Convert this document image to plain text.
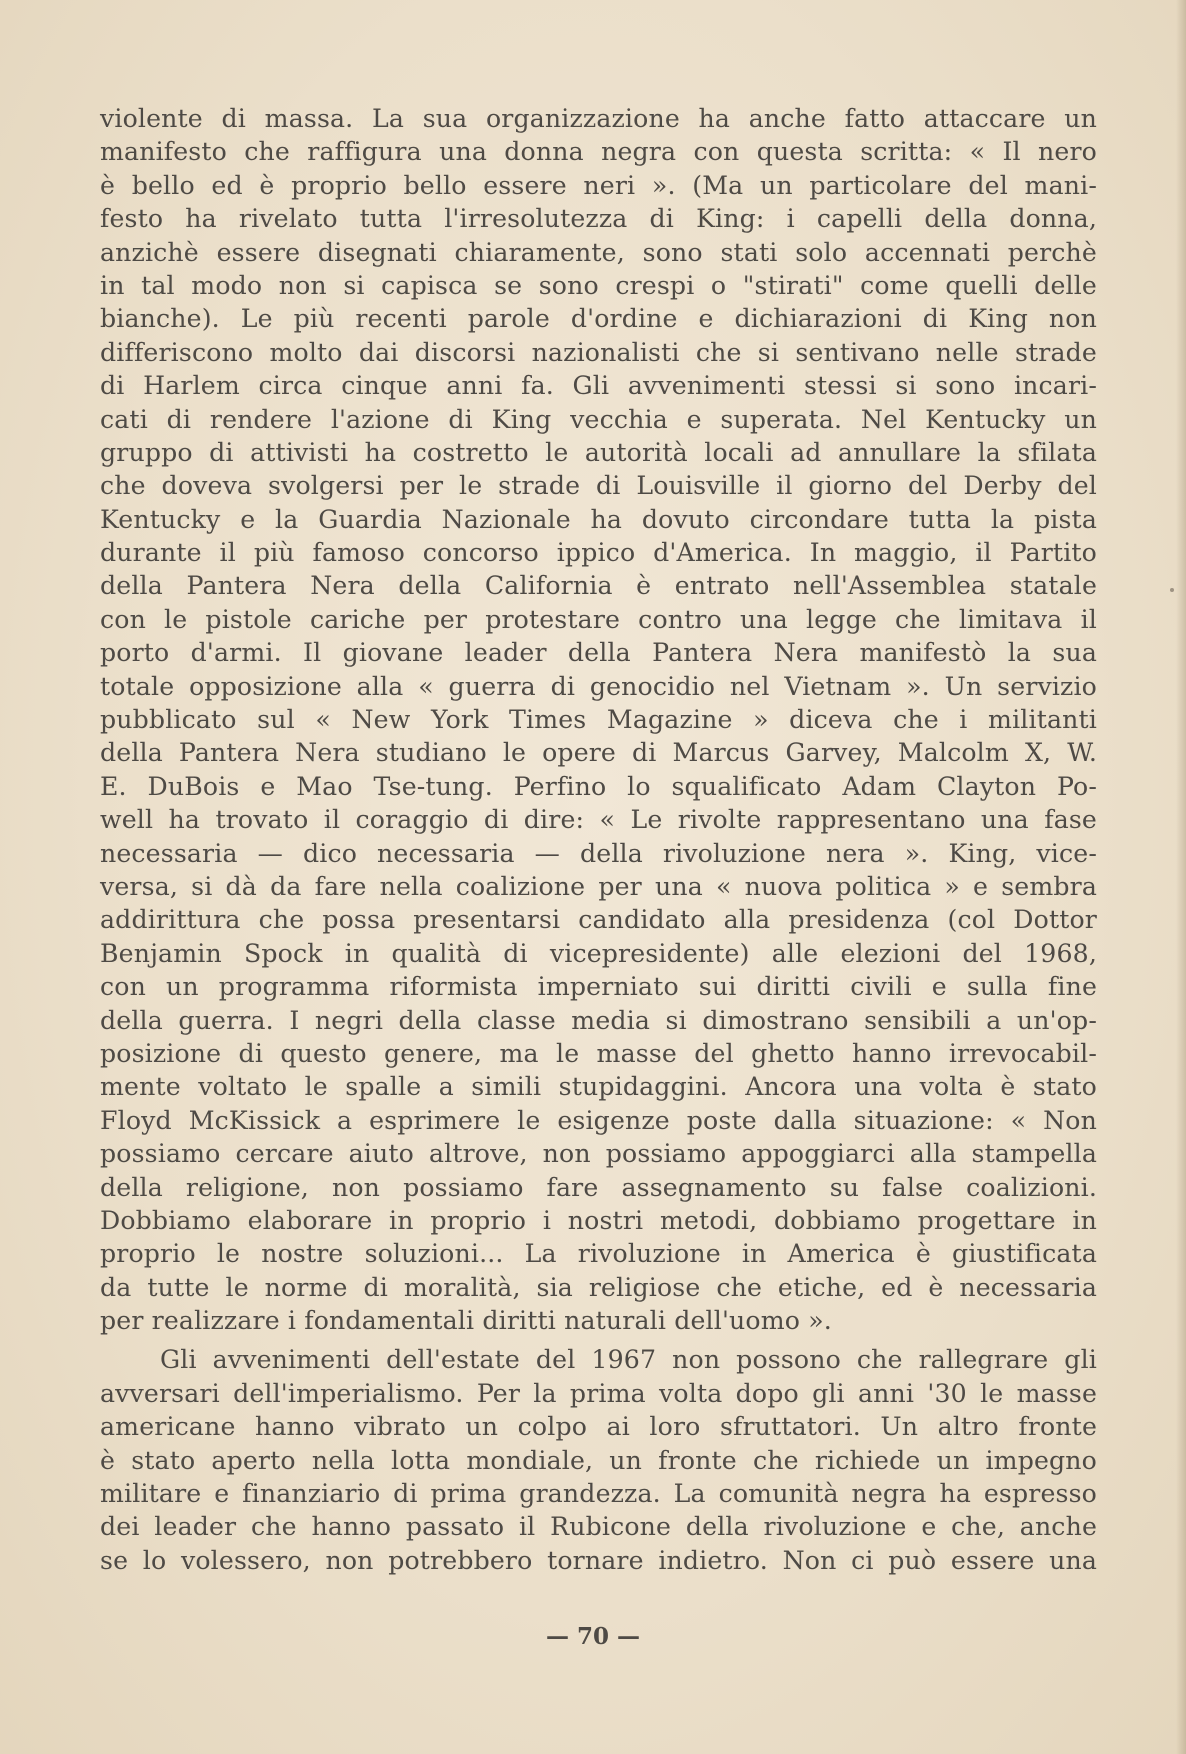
violente di massa. La sua organizzazione ha anche fatto attaccare un
manifesto che raffigura una donna negra con questa scritta: « Il nero
è bello ed è proprio bello essere neri ». (Ma un particolare del mani-
festo ha rivelato tutta l'irresolutezza di King: i capelli della donna,
anzichè essere disegnati chiaramente, sono stati solo accennati perchè
in tal modo non si capisca se sono crespi o "stirati" come quelli delle
bianche). Le più recenti parole d'ordine e dichiarazioni di King non
differiscono molto dai discorsi nazionalisti che si sentivano nelle strade
di Harlem circa cinque anni fa. Gli avvenimenti stessi si sono incari-
cati di rendere l'azione di King vecchia e superata. Nel Kentucky un
gruppo di attivisti ha costretto le autorità locali ad annullare la sfilata
che doveva svolgersi per le strade di Louisville il giorno del Derby del
Kentucky e la Guardia Nazionale ha dovuto circondare tutta la pista
durante il più famoso concorso ippico d'America. In maggio, il Partito
della Pantera Nera della California è entrato nell'Assemblea statale
con le pistole cariche per protestare contro una legge che limitava il
porto d'armi. Il giovane leader della Pantera Nera manifestò la sua
totale opposizione alla « guerra di genocidio nel Vietnam ». Un servizio
pubblicato sul « New York Times Magazine » diceva che i militanti
della Pantera Nera studiano le opere di Marcus Garvey, Malcolm X, W.
E. DuBois e Mao Tse-tung. Perfino lo squalificato Adam Clayton Po-
well ha trovato il coraggio di dire: « Le rivolte rappresentano una fase
necessaria — dico necessaria — della rivoluzione nera ». King, vice-
versa, si dà da fare nella coalizione per una « nuova politica » e sembra
addirittura che possa presentarsi candidato alla presidenza (col Dottor
Benjamin Spock in qualità di vicepresidente) alle elezioni del 1968,
con un programma riformista imperniato sui diritti civili e sulla fine
della guerra. I negri della classe media si dimostrano sensibili a un'op-
posizione di questo genere, ma le masse del ghetto hanno irrevocabil-
mente voltato le spalle a simili stupidaggini. Ancora una volta è stato
Floyd McKissick a esprimere le esigenze poste dalla situazione: « Non
possiamo cercare aiuto altrove, non possiamo appoggiarci alla stampella
della religione, non possiamo fare assegnamento su false coalizioni.
Dobbiamo elaborare in proprio i nostri metodi, dobbiamo progettare in
proprio le nostre soluzioni... La rivoluzione in America è giustificata
da tutte le norme di moralità, sia religiose che etiche, ed è necessaria
per realizzare i fondamentali diritti naturali dell'uomo ».
Gli avvenimenti dell'estate del 1967 non possono che rallegrare gli
avversari dell'imperialismo. Per la prima volta dopo gli anni '30 le masse
americane hanno vibrato un colpo ai loro sfruttatori. Un altro fronte
è stato aperto nella lotta mondiale, un fronte che richiede un impegno
militare e finanziario di prima grandezza. La comunità negra ha espresso
dei leader che hanno passato il Rubicone della rivoluzione e che, anche
se lo volessero, non potrebbero tornare indietro. Non ci può essere una
— 70 —
